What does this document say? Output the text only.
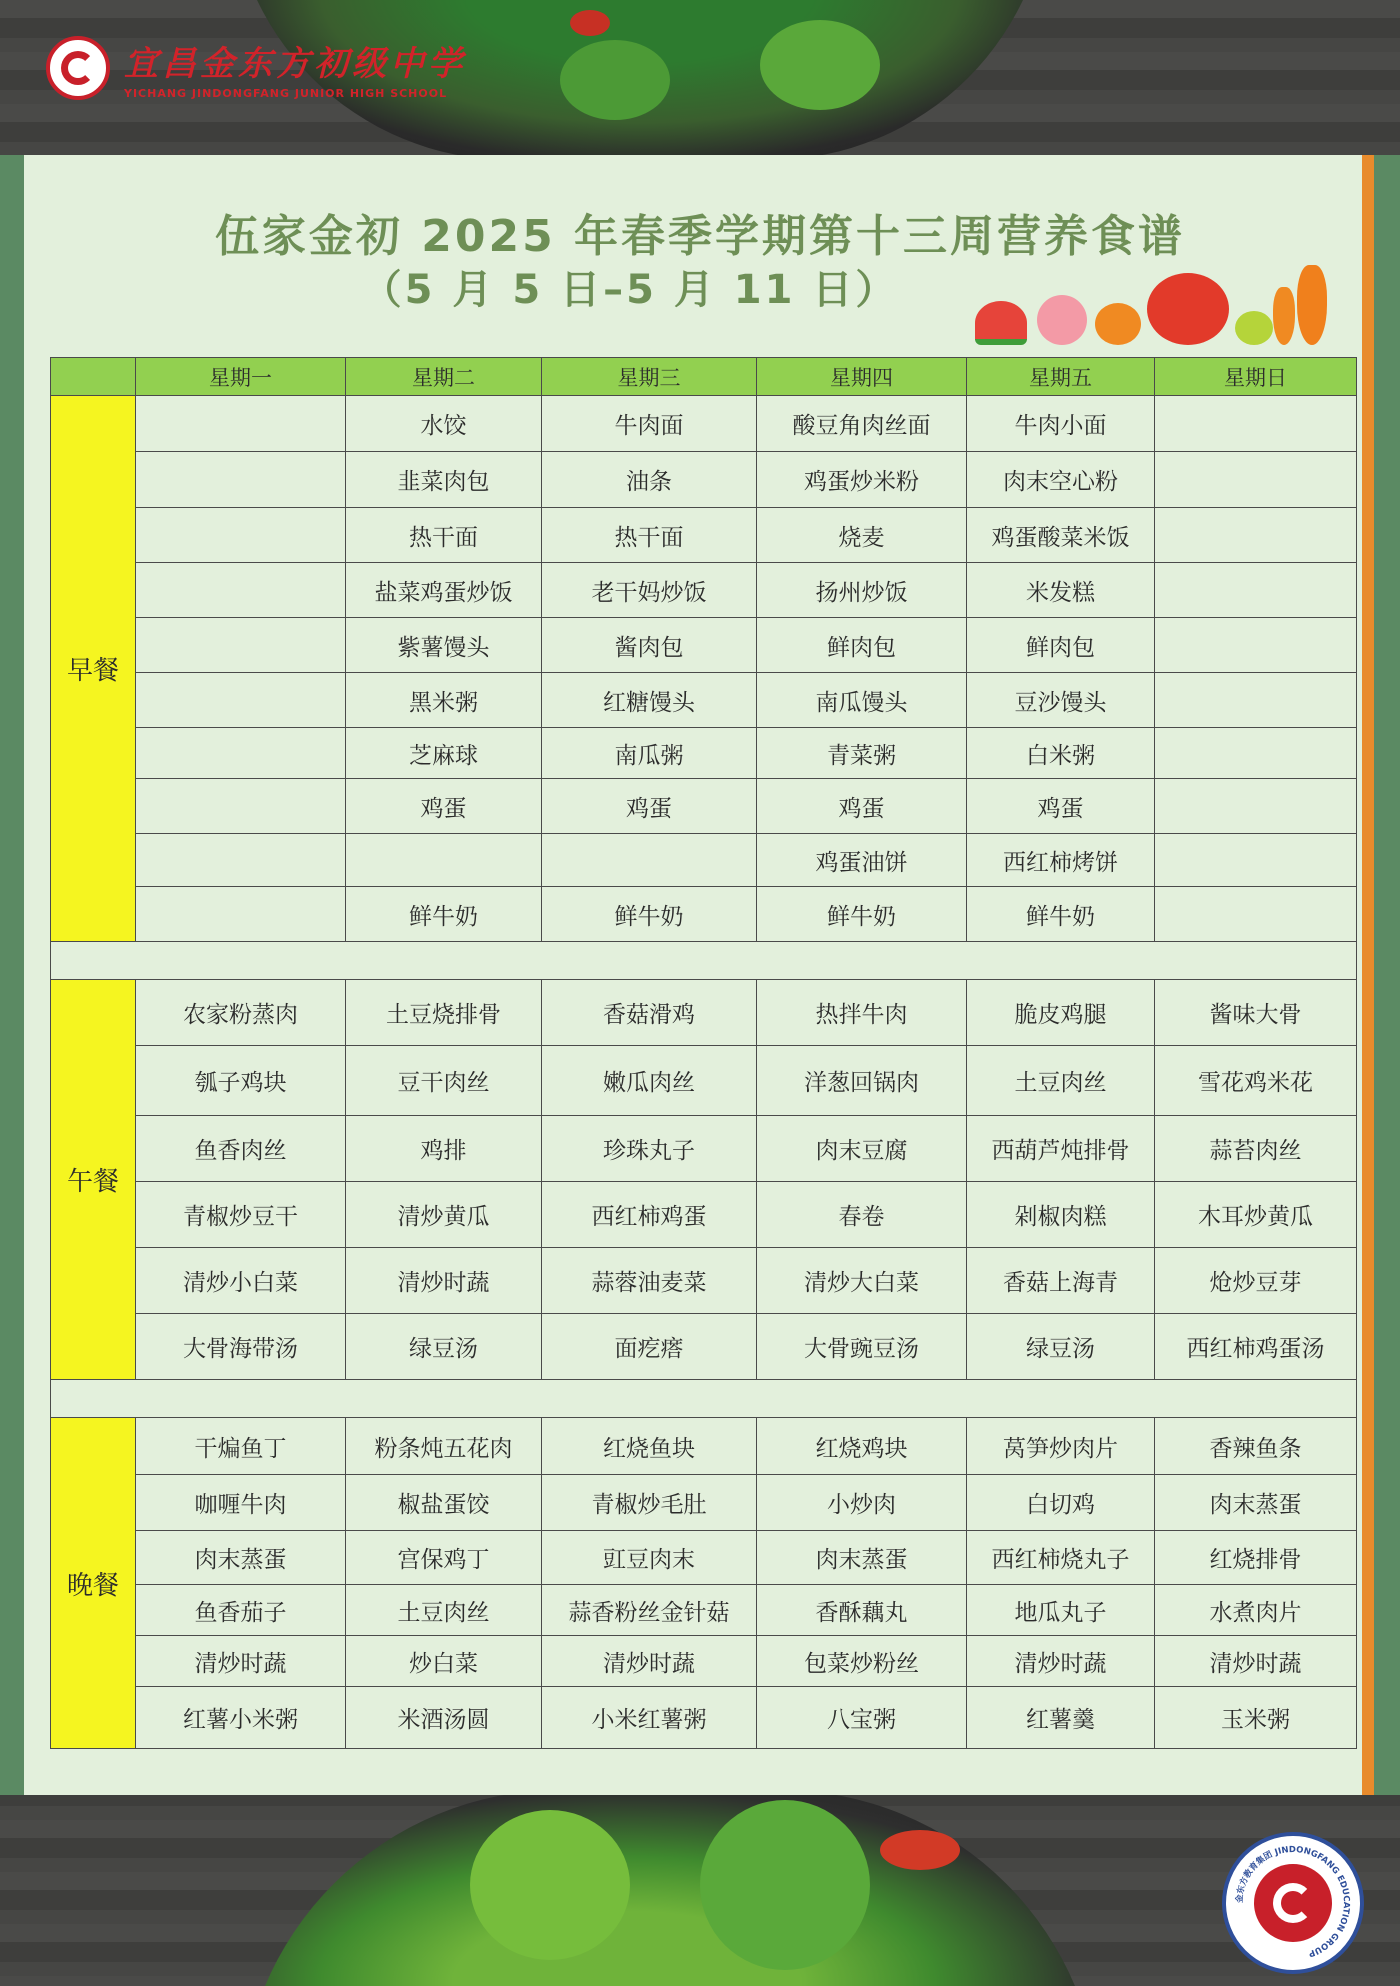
宜昌金东方初级中学
YICHANG JINDONGFANG JUNIOR HIGH SCHOOL
伍家金初 2025 年春季学期第十三周营养食谱
（5 月 5 日–5 月 11 日）
	星期一	星期二	星期三	星期四	星期五	星期日
早餐		水饺	牛肉面	酸豆角肉丝面	牛肉小面	
		韭菜肉包	油条	鸡蛋炒米粉	肉末空心粉	
		热干面	热干面	烧麦	鸡蛋酸菜米饭	
		盐菜鸡蛋炒饭	老干妈炒饭	扬州炒饭	米发糕	
		紫薯馒头	酱肉包	鲜肉包	鲜肉包	
		黑米粥	红糖馒头	南瓜馒头	豆沙馒头	
		芝麻球	南瓜粥	青菜粥	白米粥	
		鸡蛋	鸡蛋	鸡蛋	鸡蛋	
				鸡蛋油饼	西红柿烤饼	
		鲜牛奶	鲜牛奶	鲜牛奶	鲜牛奶	

午餐	农家粉蒸肉	土豆烧排骨	香菇滑鸡	热拌牛肉	脆皮鸡腿	酱味大骨
	瓠子鸡块	豆干肉丝	嫩瓜肉丝	洋葱回锅肉	土豆肉丝	雪花鸡米花
	鱼香肉丝	鸡排	珍珠丸子	肉末豆腐	西葫芦炖排骨	蒜苔肉丝
	青椒炒豆干	清炒黄瓜	西红柿鸡蛋	春卷	剁椒肉糕	木耳炒黄瓜
	清炒小白菜	清炒时蔬	蒜蓉油麦菜	清炒大白菜	香菇上海青	炝炒豆芽
	大骨海带汤	绿豆汤	面疙瘩	大骨豌豆汤	绿豆汤	西红柿鸡蛋汤

晚餐	干煸鱼丁	粉条炖五花肉	红烧鱼块	红烧鸡块	莴笋炒肉片	香辣鱼条
	咖喱牛肉	椒盐蛋饺	青椒炒毛肚	小炒肉	白切鸡	肉末蒸蛋
	肉末蒸蛋	宫保鸡丁	豇豆肉末	肉末蒸蛋	西红柿烧丸子	红烧排骨
	鱼香茄子	土豆肉丝	蒜香粉丝金针菇	香酥藕丸	地瓜丸子	水煮肉片
	清炒时蔬	炒白菜	清炒时蔬	包菜炒粉丝	清炒时蔬	清炒时蔬
	红薯小米粥	米酒汤圆	小米红薯粥	八宝粥	红薯羹	玉米粥
金东方教育集团 JINDONGFANG EDUCATION GROUP
